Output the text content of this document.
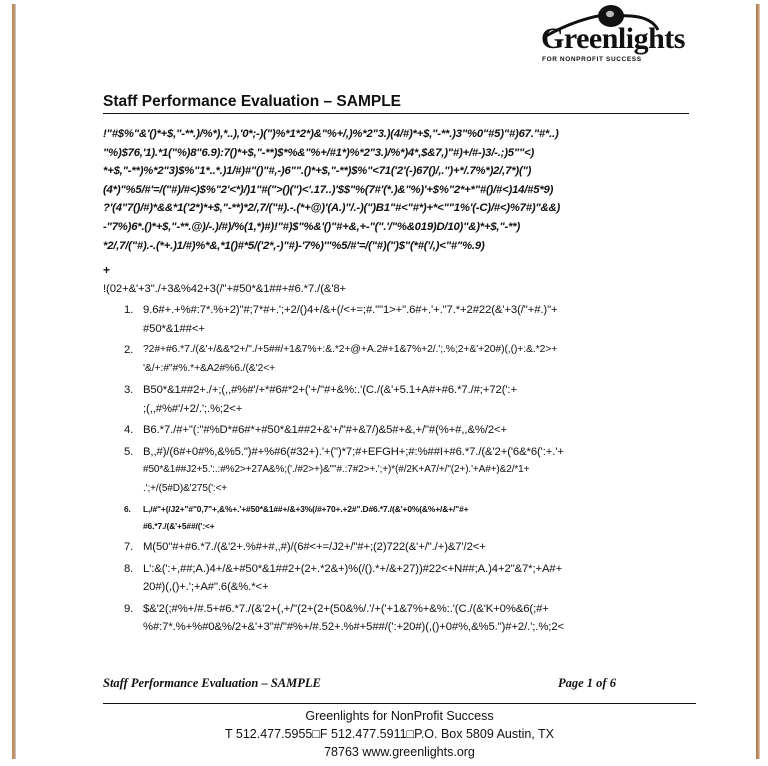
Greenlights
FOR NONPROFIT SUCCESS
Staff Performance Evaluation – SAMPLE
!"#$%"&'()*+$,"-**.)/%*),*..),'0*;-)(")%*1*2*)&"%+/,)%*2"3.)(4/#)*+$,"-**.)3"%0"#5)"#)67."#*..)
"%)$76,'1).*1("%)8"6.9):7()*+$,"-**)$*%&"%+/#1*)%*2"3.)/%*)4*,$&7,)"#)+/#-)3/-.;)5""<)
*+$,"-**)%*2"3)$%"1*..*.)1/#)#"()"#,-)6"".()*+$,"-**)$%"<71('2'(-)67()/,.")+*/.7%*)2/,7*)(")
(4*)"%5/#'=/("#)/#<)$%"2'<*)/)1"#(">()(")<'.17..)'$$"%(7#'(*.)&"%)'+$%"2*+*"#()/#<)14/#5*9)
?'(4"7()/#)*&&*1('2*)*+$,"-**)*2/,7/("#).-.(*+@)'(A.)"/.-)(")B1"#<"#*)+*<""1%'(-C)/#<)%7#)"&&)
-"7%)6*.()*+$,"-**.@)/-.)/#)/%(1,*)#)!"#)$"%&'()"#+&,+-"(".'/"%&019)D/10)"&)*+$,"-**)
*2/,7/("#).-.(*+.)1/#)%*&,*1()#*5/('2*,-)"#)-'7%)'"%5/#'=/("#)(")$"(*#('/,)<"#"%.9)
+
!(02+&'+3"./+3&%42+3(/"+#50*&1##+#6.*7./(&'8+
1. 9.6#+.+%#:7*.%+2)"#;7*#+.';+2/()4+/&+(/<+=;#.""1>+".6#+.'+."7.*+2#22(&'+3(/"+#.)"+
#50*&1##<+
2. ?2#+#6.*7./(&'+/&&*2+/"./+5##/+1&7%+:&.*2+@+A.2#+1&7%+2/.';.%;2+&'+20#)(,()+:&.*2>+
'&/+:#"#%.*+&A2#%6./(&'2<+
3. B50*&1##2+./+;(,,#%#'/+*#6#*2+('+/"#+&%:.'(C./(&'+5.1+A#+#6.*7./#;+72(':+
;(,,#%#'/+2/.';.%;2<+
4. B6.*7./#+"(:"#%D*#6#*+#50*&1##2+&'+/"#+&7/)&5#+&,+/"#(%+#,,&%/2<+
5. B,,#)/(6#+0#%,&%5.")#+%#6(#32+).'+(")*7;#+EFGH+;#:%##I+#6.*7./(&'2+('6&*6(':+.'+
#50*&1##J2+5.':.:#%2>+27A&%;('./#2>+)&""#.:7#2>+.';+)*(#/2K+A7/+/"(2+).'+A#+)&2/*1+
.';+/(5#D)&'275(':<+
6. L,/#"+(/J2+"#"0,7"+,&%+.'+#50*&1##+/&+3%(/#+70+.+2#".D#6.*7./(&'+0%(&%+/&+/"#+
#6.*7./(&'+5##/(':<+
7. M(50"#+#6.*7./(&'2+.%#+#,,#)/(6#<+=/J2+/"#+;(2)722(&'+/"./+)&7'/2<+
8. L':&(':+,##;A.)4+/&+#50*&1##2+(2+.*2&+)%(/().*+/&+27))#22<+N##;A.)4+2"&7*;+A#+
20#)(,()+.';+A#".6(&%.*<+
9. $&'2(;#%+/#.5+#6.*7./(&'2+(,+/"(2+(2+(50&%/.'/+('+1&7%+&%:.'(C./(&'K+0%&6(;#+
%#:7*.%+%#0&%/2+&'+3"#/"#%+/#.52+.%#+5##/(':+20#)(,()+0#%,&%5.")#+2/.';.%;2<
Staff Performance Evaluation – SAMPLE	Page 1 of 6
Greenlights for NonProfit Success
T 512.477.5955□F 512.477.5911□P.O. Box 5809 Austin, TX
78763 www.greenlights.org
